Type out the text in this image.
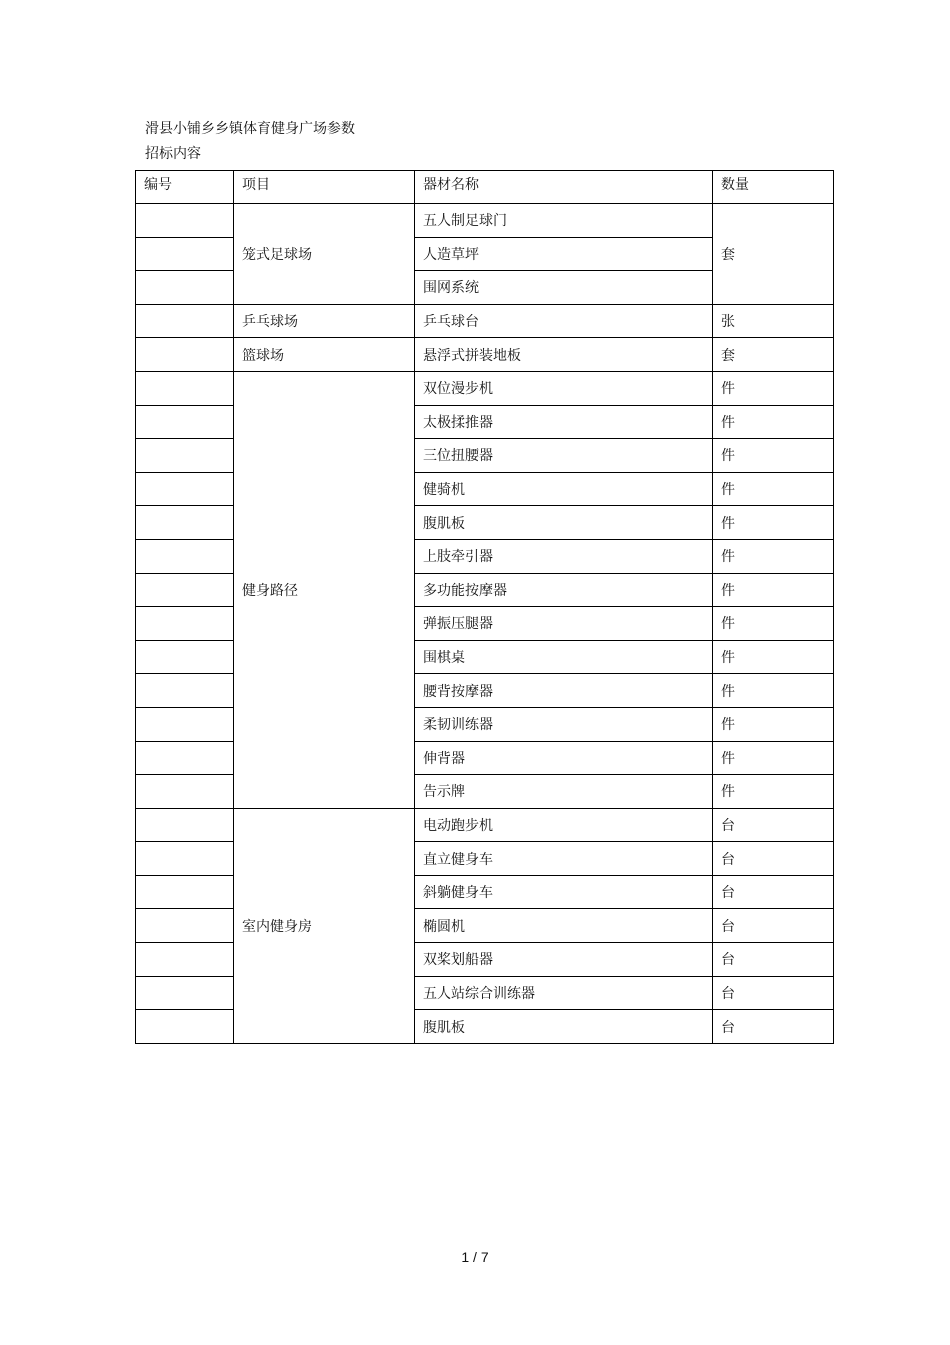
滑县小铺乡乡镇体育健身广场参数
招标内容
编号	项目	器材名称	数量
	笼式足球场	五人制足球门	套
		人造草坪	
		围网系统	
	乒乓球场	乒乓球台	张
	篮球场	悬浮式拼装地板	套
	健身路径	双位漫步机	件
		太极揉推器	件
		三位扭腰器	件
		健骑机	件
		腹肌板	件
		上肢牵引器	件
		多功能按摩器	件
		弹振压腿器	件
		围棋桌	件
		腰背按摩器	件
		柔韧训练器	件
		伸背器	件
		告示牌	件
	室内健身房	电动跑步机	台
		直立健身车	台
		斜躺健身车	台
		椭圆机	台
		双桨划船器	台
		五人站综合训练器	台
		腹肌板	台
1 / 7
